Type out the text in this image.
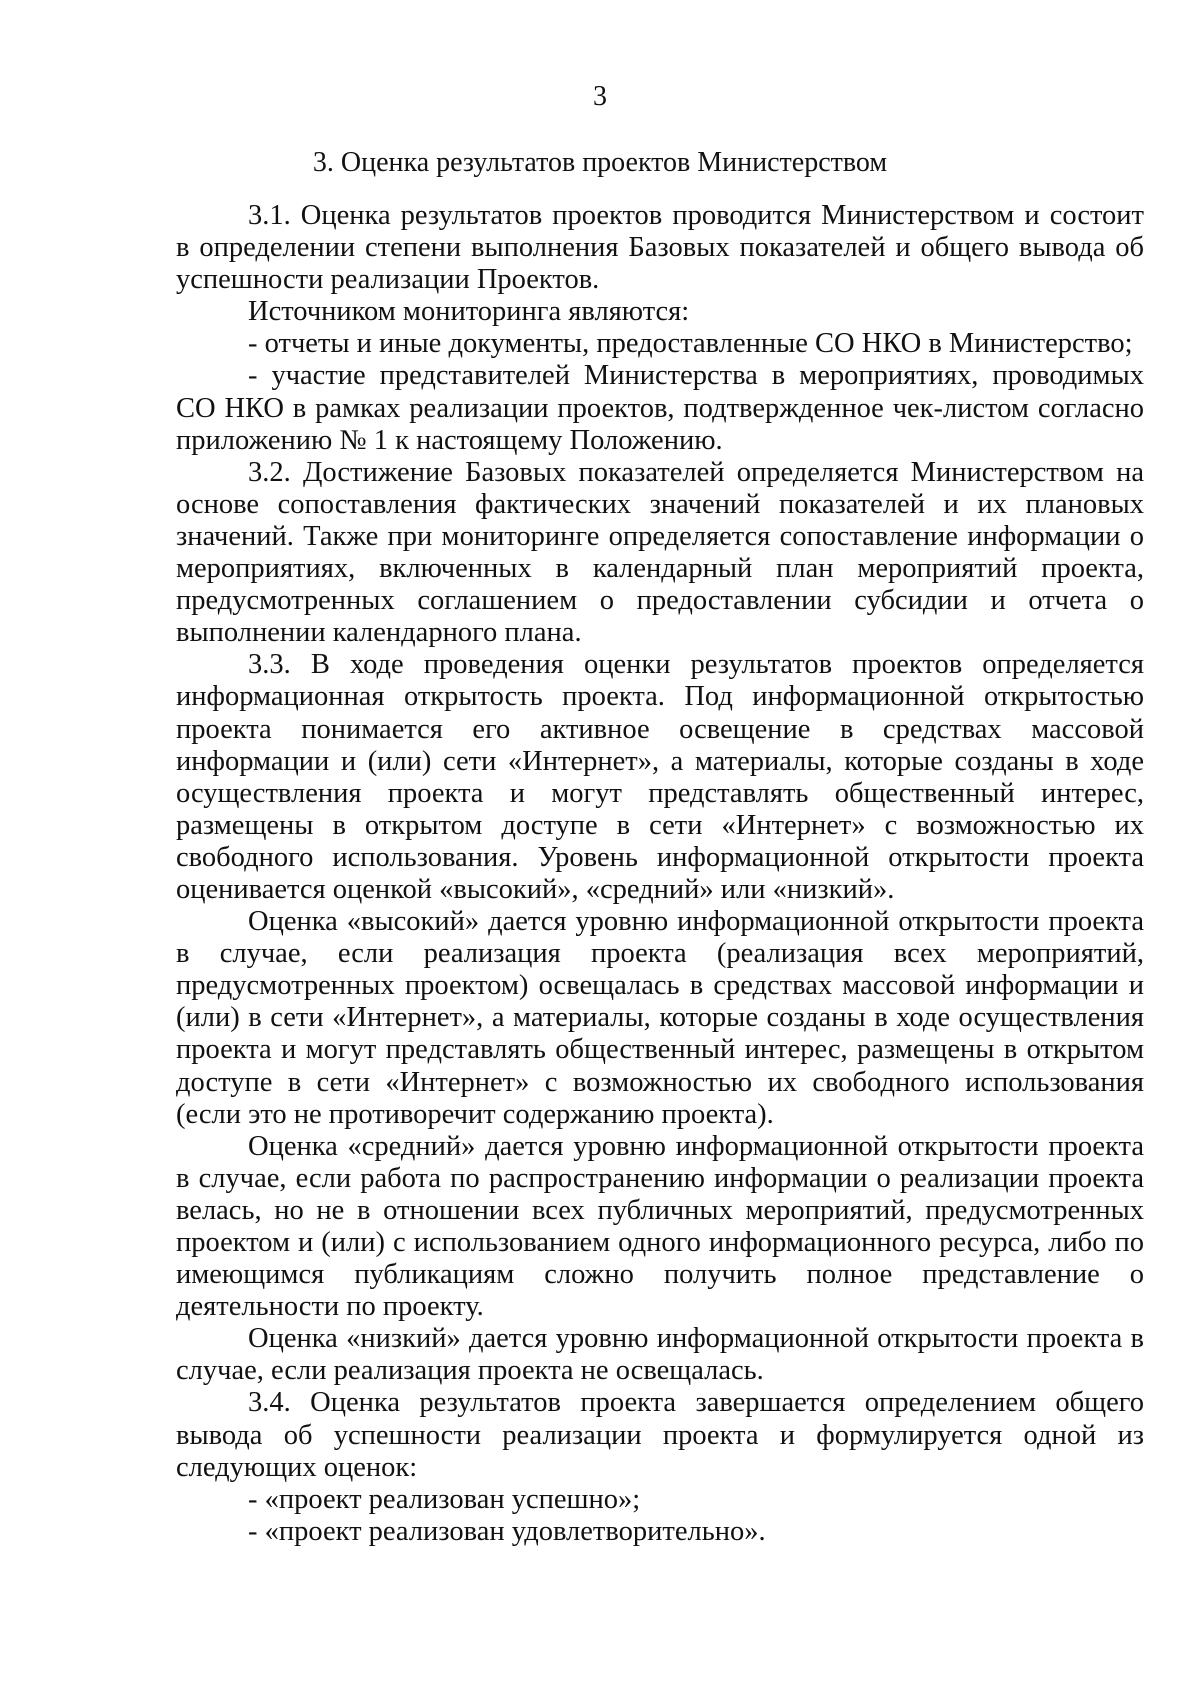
3
3. Оценка результатов проектов Министерством

3.1. Оценка результатов проектов проводится Министерством и состоит в определении степени выполнения Базовых показателей и общего вывода об успешности реализации Проектов.

Источником мониторинга являются:

- отчеты и иные документы, предоставленные СО НКО в Министерство;

- участие представителей Министерства в мероприятиях, проводимых СО НКО в рамках реализации проектов, подтвержденное чек-листом согласно приложению № 1 к настоящему Положению.

3.2. Достижение Базовых показателей определяется Министерством на основе сопоставления фактических значений показателей и их плановых значений. Также при мониторинге определяется сопоставление информации о мероприятиях, включенных в календарный план мероприятий проекта, предусмотренных соглашением о предоставлении субсидии и отчета о выполнении календарного плана.

3.3. В ходе проведения оценки результатов проектов определяется информационная открытость проекта. Под информационной открытостью проекта понимается его активное освещение в средствах массовой информации и (или) сети «Интернет», а материалы, которые созданы в ходе осуществления проекта и могут представлять общественный интерес, размещены в открытом доступе в сети «Интернет» с возможностью их свободного использования. Уровень информационной открытости проекта оценивается оценкой «высокий», «средний» или «низкий».

Оценка «высокий» дается уровню информационной открытости проекта в случае, если реализация проекта (реализация всех мероприятий, предусмотренных проектом) освещалась в средствах массовой информации и (или) в сети «Интернет», а материалы, которые созданы в ходе осуществления проекта и могут представлять общественный интерес, размещены в открытом доступе в сети «Интернет» с возможностью их свободного использования (если это не противоречит содержанию проекта).

Оценка «средний» дается уровню информационной открытости проекта в случае, если работа по распространению информации о реализации проекта велась, но не в отношении всех публичных мероприятий, предусмотренных проектом и (или) с использованием одного информационного ресурса, либо по имеющимся публикациям сложно получить полное представление о деятельности по проекту.

Оценка «низкий» дается уровню информационной открытости проекта в случае, если реализация проекта не освещалась.

3.4. Оценка результатов проекта завершается определением общего вывода об успешности реализации проекта и формулируется одной из следующих оценок:

- «проект реализован успешно»;

- «проект реализован удовлетворительно».
